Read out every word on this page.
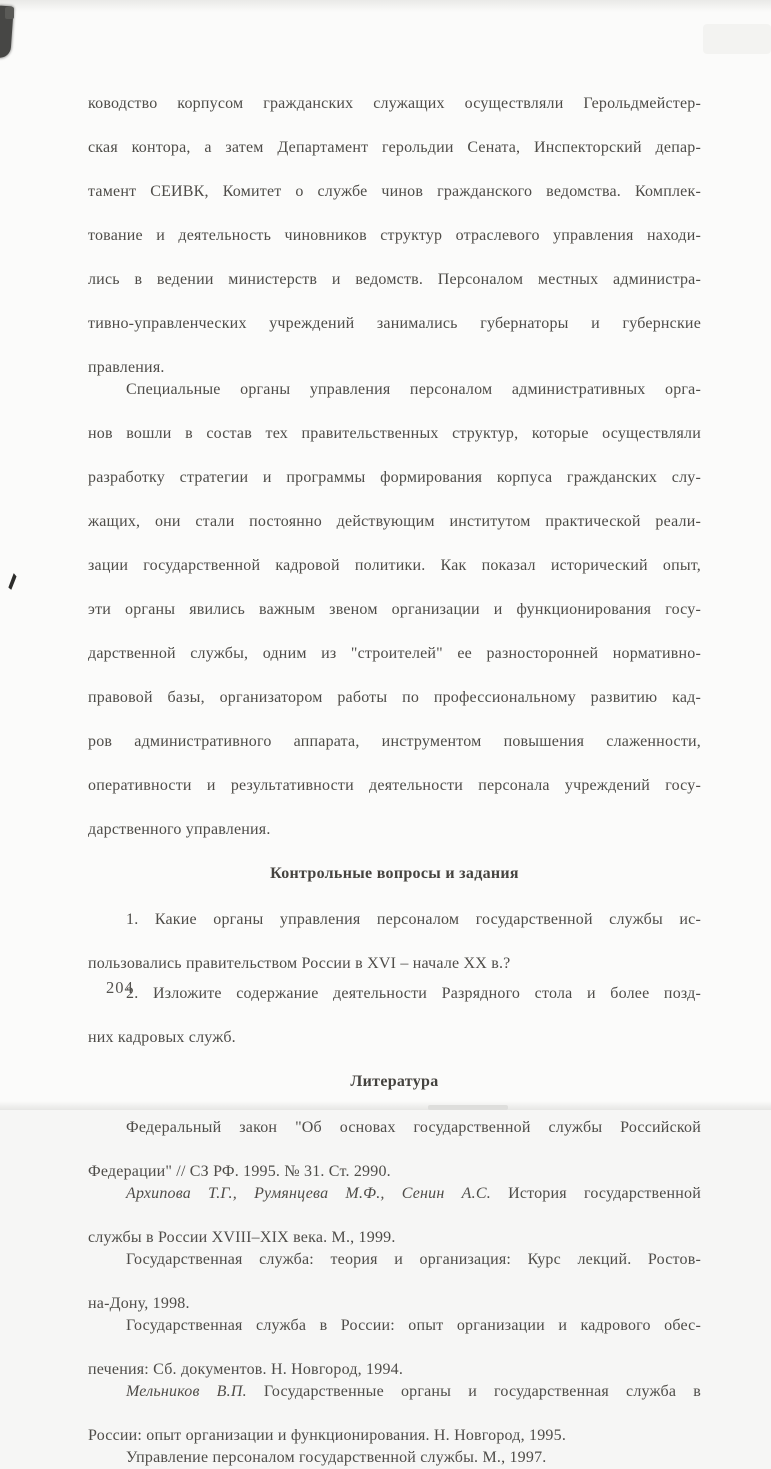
ководство корпусом гражданских служащих осуществляли Герольдмейстер-
ская контора, а затем Департамент герольдии Сената, Инспекторский депар-
тамент СЕИВК, Комитет о службе чинов гражданского ведомства. Комплек-
тование и деятельность чиновников структур отраслевого управления находи-
лись в ведении министерств и ведомств. Персоналом местных администра-
тивно-управленческих учреждений занимались губернаторы и губернские
правления.
Специальные органы управления персоналом административных орга-
нов вошли в состав тех правительственных структур, которые осуществляли
разработку стратегии и программы формирования корпуса гражданских слу-
жащих, они стали постоянно действующим институтом практической реали-
зации государственной кадровой политики. Как показал исторический опыт,
эти органы явились важным звеном организации и функционирования госу-
дарственной службы, одним из "строителей" ее разносторонней нормативно-
правовой базы, организатором работы по профессиональному развитию кад-
ров административного аппарата, инструментом повышения слаженности,
оперативности и результативности деятельности персонала учреждений госу-
дарственного управления.
Контрольные вопросы и задания
1. Какие органы управления персоналом государственной службы ис-
пользовались правительством России в XVI – начале XX в.?
2. Изложите содержание деятельности Разрядного стола и более позд-
них кадровых служб.
Литература
Федеральный закон "Об основах государственной службы Российской
Федерации" // СЗ РФ. 1995. № 31. Ст. 2990.
Архипова Т.Г., Румянцева М.Ф., Сенин А.С. История государственной
службы в России XVIII–XIX века. М., 1999.
Государственная служба: теория и организация: Курс лекций. Ростов-
на-Дону, 1998.
Государственная служба в России: опыт организации и кадрового обес-
печения: Сб. документов. Н. Новгород, 1994.
Мельников В.П. Государственные органы и государственная служба в
России: опыт организации и функционирования. Н. Новгород, 1995.
Управление персоналом государственной службы. М., 1997.
204
